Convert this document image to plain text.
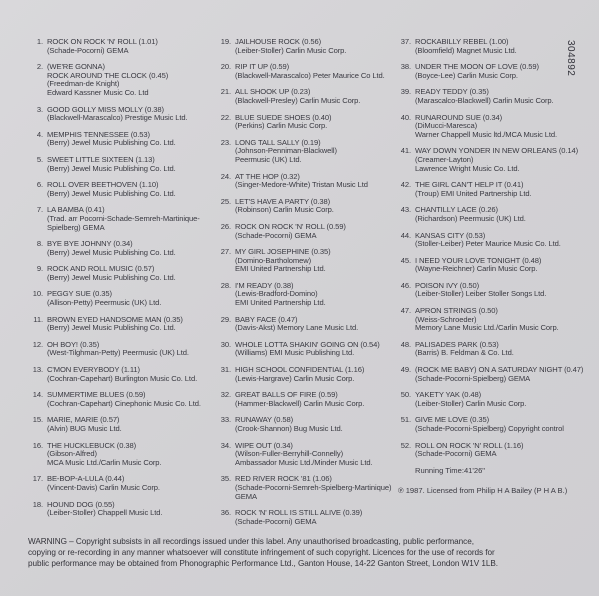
1. ROCK ON ROCK 'N' ROLL (1.01)
(Schade-Pocorni) GEMA
2. (WE'RE GONNA)
ROCK AROUND THE CLOCK (0.45)
(Freedman-de Knight)
Edward Kassner Music Co. Ltd
3. GOOD GOLLY MISS MOLLY (0.38)
(Blackwell-Marascalco) Prestige Music Ltd.
4. MEMPHIS TENNESSEE (0.53)
(Berry) Jewel Music Publishing Co. Ltd.
5. SWEET LITTLE SIXTEEN (1.13)
(Berry) Jewel Music Publishing Co. Ltd.
6. ROLL OVER BEETHOVEN (1.10)
(Berry) Jewel Music Publishing Co. Ltd.
7. LA BAMBA (0.41)
(Trad. arr Pocorni-Schade-Semreh-Martinique-
Spielberg) GEMA
8. BYE BYE JOHNNY (0.34)
(Berry) Jewel Music Publishing Co. Ltd.
9. ROCK AND ROLL MUSIC (0.57)
(Berry) Jewel Music Publishing Co. Ltd.
10. PEGGY SUE (0.35)
(Allison-Petty) Peermusic (UK) Ltd.
11. BROWN EYED HANDSOME MAN (0.35)
(Berry) Jewel Music Publishing Co. Ltd.
12. OH BOY! (0.35)
(West-Tilghman-Petty) Peermusic (UK) Ltd.
13. C'MON EVERYBODY (1.11)
(Cochran-Capehart) Burlington Music Co. Ltd.
14. SUMMERTIME BLUES (0.59)
(Cochran-Capehart) Cinephonic Music Co. Ltd.
15. MARIE, MARIE (0.57)
(Alvin) BUG Music Ltd.
16. THE HUCKLEBUCK (0.38)
(Gibson-Alfred)
MCA Music Ltd./Carlin Music Corp.
17. BE-BOP-A-LULA (0.44)
(Vincent-Davis) Carlin Music Corp.
18. HOUND DOG (0.55)
(Leiber-Stoller) Chappell Music Ltd.
19. JAILHOUSE ROCK (0.56)
(Leiber-Stoller) Carlin Music Corp.
20. RIP IT UP (0.59)
(Blackwell-Marascalco) Peter Maurice Co Ltd.
21. ALL SHOOK UP (0.23)
(Blackwell-Presley) Carlin Music Corp.
22. BLUE SUEDE SHOES (0.40)
(Perkins) Carlin Music Corp.
23. LONG TALL SALLY (0.19)
(Johnson-Penniman-Blackwell)
Peermusic (UK) Ltd.
24. AT THE HOP (0.32)
(Singer-Medore-White) Tristan Music Ltd
25. LET'S HAVE A PARTY (0.38)
(Robinson) Carlin Music Corp.
26. ROCK ON ROCK 'N' ROLL (0.59)
(Schade-Pocorni) GEMA
27. MY GIRL JOSEPHINE (0.35)
(Domino-Bartholomew)
EMI United Partnership Ltd.
28. I'M READY (0.38)
(Lewis-Bradford-Domino)
EMI United Partnership Ltd.
29. BABY FACE (0.47)
(Davis-Akst) Memory Lane Music Ltd.
30. WHOLE LOTTA SHAKIN' GOING ON (0.54)
(Williams) EMI Music Publishing Ltd.
31. HIGH SCHOOL CONFIDENTIAL (1.16)
(Lewis-Hargrave) Carlin Music Corp.
32. GREAT BALLS OF FIRE (0.59)
(Hammer-Blackwell) Carlin Music Corp.
33. RUNAWAY (0.58)
(Crook-Shannon) Bug Music Ltd.
34. WIPE OUT (0.34)
(Wilson-Fuller-Berryhill-Connelly)
Ambassador Music Ltd./Minder Music Ltd.
35. RED RIVER ROCK '81 (1.06)
(Schade-Pocorni-Semreh-Spielberg-Martinique)
GEMA
36. ROCK 'N' ROLL IS STILL ALIVE (0.39)
(Schade-Pocorni) GEMA
37. ROCKABILLY REBEL (1.00)
(Bloomfield) Magnet Music Ltd.
38. UNDER THE MOON OF LOVE (0.59)
(Boyce-Lee) Carlin Music Corp.
39. READY TEDDY (0.35)
(Marascalco-Blackwell) Carlin Music Corp.
40. RUNAROUND SUE (0.34)
(DiMucci-Maresca)
Warner Chappell Music ltd./MCA Music Ltd.
41. WAY DOWN YONDER IN NEW ORLEANS (0.14)
(Creamer-Layton)
Lawrence Wright Music Co. Ltd.
42. THE GIRL CAN'T HELP IT (0.41)
(Troup) EMI United Partnership Ltd.
43. CHANTILLY LACE (0.26)
(Richardson) Peermusic (UK) Ltd.
44. KANSAS CITY (0.53)
(Stoller-Leiber) Peter Maurice Music Co. Ltd.
45. I NEED YOUR LOVE TONIGHT (0.48)
(Wayne-Reichner) Carlin Music Corp.
46. POISON IVY (0.50)
(Leiber-Stoller) Leiber Stoller Songs Ltd.
47. APRON STRINGS (0.50)
(Weiss-Schroeder)
Memory Lane Music Ltd./Carlin Music Corp.
48. PALISADES PARK (0.53)
(Barris) B. Feldman & Co. Ltd.
49. (ROCK ME BABY) ON A SATURDAY NIGHT (0.47)
(Schade-Pocorni-Spielberg) GEMA
50. YAKETY YAK (0.48)
(Leiber-Stoller) Carlin Music Corp.
51. GIVE ME LOVE (0.35)
(Schade-Pocorni-Spielberg) Copyright control
52. ROLL ON ROCK 'N' ROLL (1.16)
(Schade-Pocorni) GEMA
Running Time:41'26"
℗ 1987. Licensed from Philip H A Bailey (P H A B.)
304892
WARNING – Copyright subsists in all recordings issued under this label. Any unauthorised broadcasting, public performance,
copying or re-recording in any manner whatsoever will constitute infringement of such copyright. Licences for the use of records for
public performance may be obtained from Phonographic Performance Ltd., Ganton House, 14-22 Ganton Street, London W1V 1LB.
